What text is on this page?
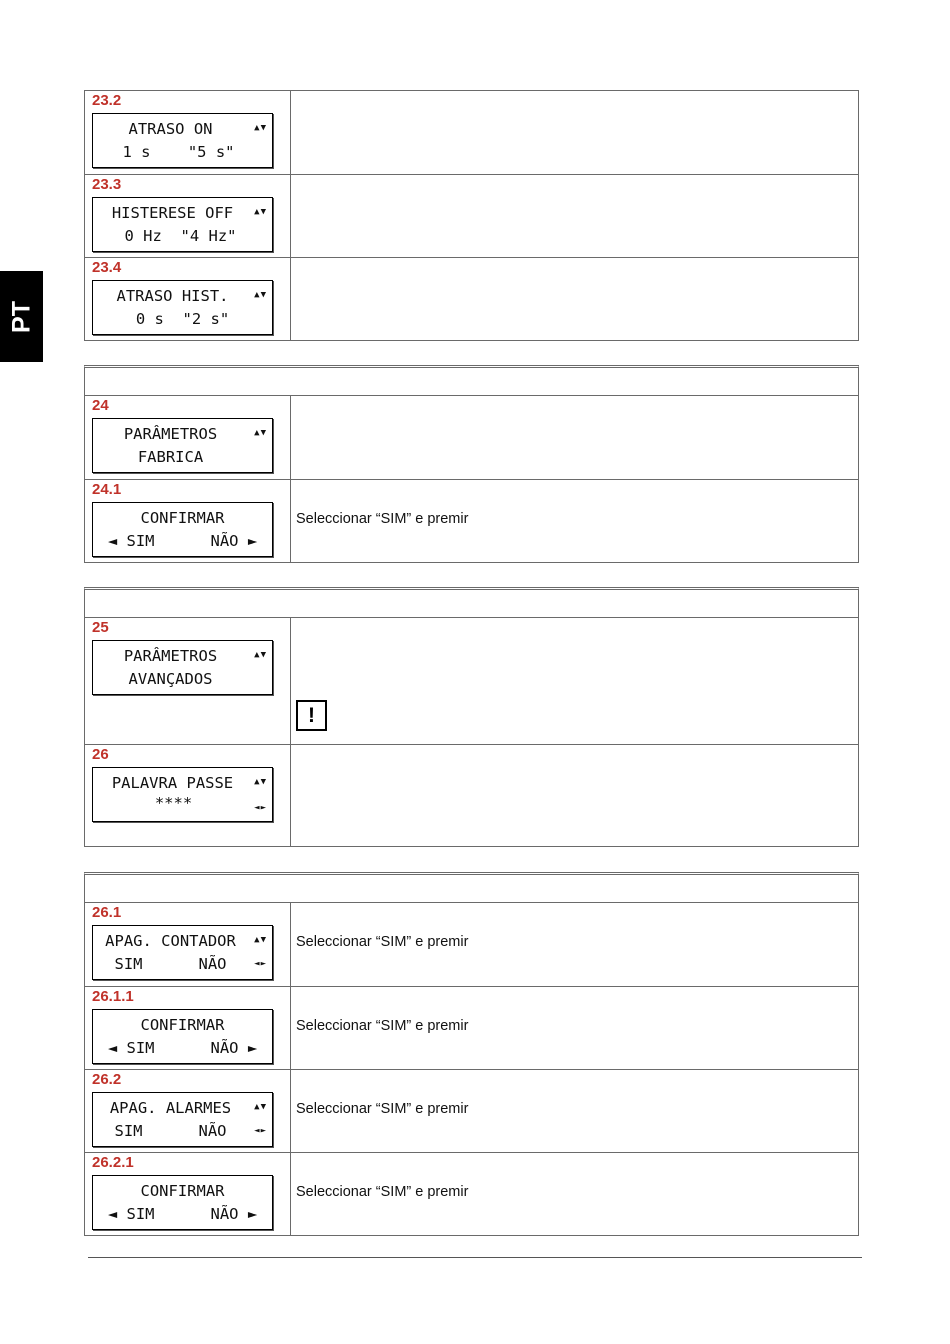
PT
23.2
ATRASO ON	▲▼
1 s    "5 s"
23.3
HISTERESE OFF	▲▼
0 Hz  "4 Hz"
23.4
ATRASO HIST.	▲▼
0 s  "2 s"
24
PARÂMETROS	▲▼
FABRICA
24.1
CONFIRMAR
◄ SIM      NÃO ►
Seleccionar “SIM” e premir
25
PARÂMETROS	▲▼
AVANÇADOS
!
26
PALAVRA PASSE	▲▼
****	◄►
26.1
APAG. CONTADOR	▲▼
SIM      NÃO	◄►
Seleccionar “SIM” e premir
26.1.1
CONFIRMAR
◄ SIM      NÃO ►
Seleccionar “SIM” e premir
26.2
APAG. ALARMES	▲▼
SIM      NÃO	◄►
Seleccionar “SIM” e premir
26.2.1
CONFIRMAR
◄ SIM      NÃO ►
Seleccionar “SIM” e premir
